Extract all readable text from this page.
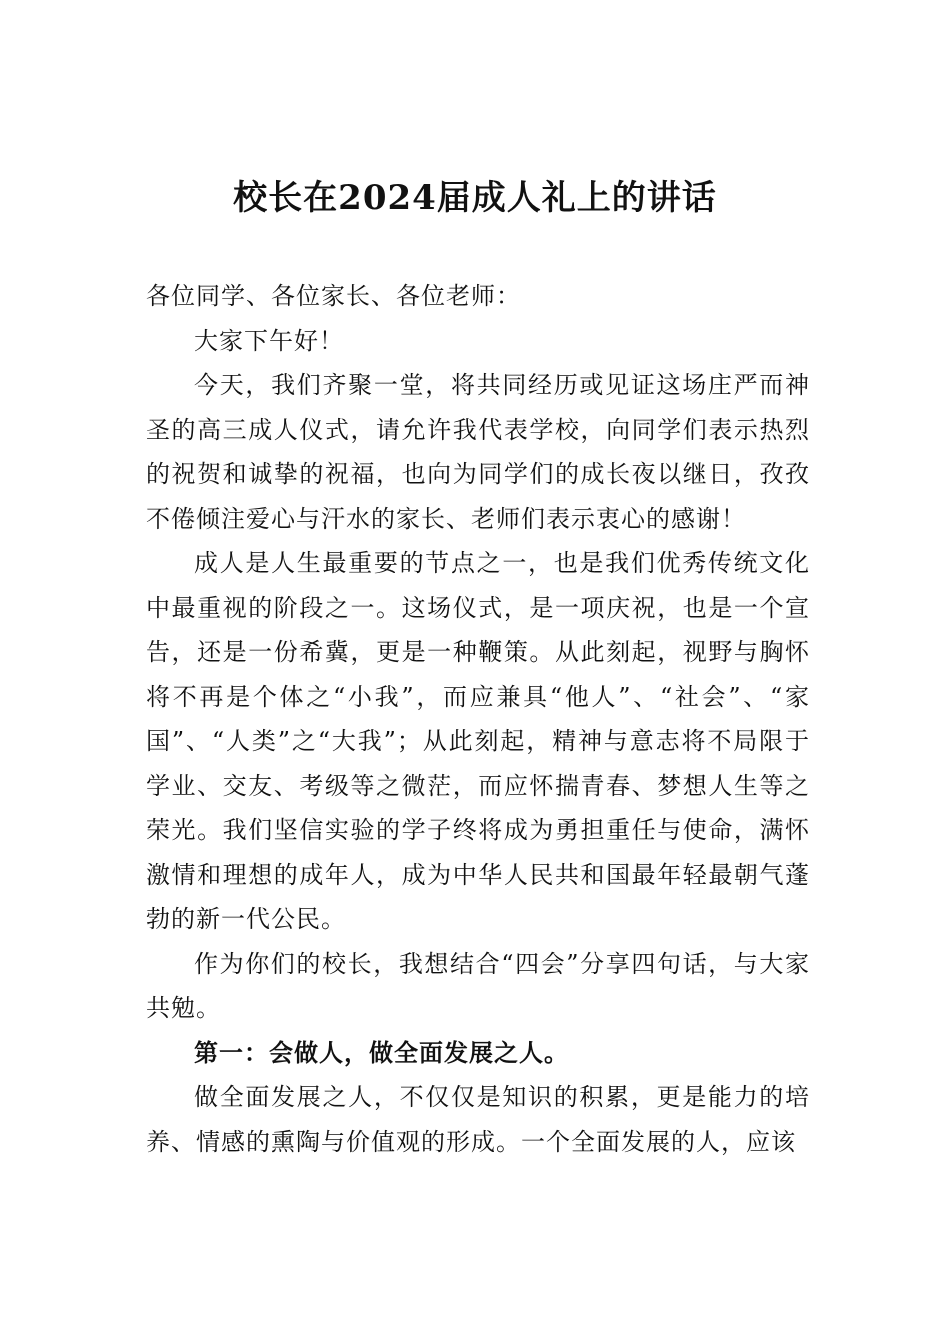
校长在2024届成人礼上的讲话

各位同学、各位家长、各位老师：

大家下午好！

今天，我们齐聚一堂，将共同经历或见证这场庄严而神圣的高三成人仪式，请允许我代表学校，向同学们表示热烈的祝贺和诚挚的祝福，也向为同学们的成长夜以继日，孜孜不倦倾注爱心与汗水的家长、老师们表示衷心的感谢！

成人是人生最重要的节点之一，也是我们优秀传统文化中最重视的阶段之一。这场仪式，是一项庆祝，也是一个宣告，还是一份希冀，更是一种鞭策。从此刻起，视野与胸怀将不再是个体之“小我”，而应兼具“他人”、“社会”、“家国”、“人类”之“大我”；从此刻起，精神与意志将不局限于学业、交友、考级等之微茫，而应怀揣青春、梦想人生等之荣光。我们坚信实验的学子终将成为勇担重任与使命，满怀激情和理想的成年人，成为中华人民共和国最年轻最朝气蓬勃的新一代公民。

作为你们的校长，我想结合“四会”分享四句话，与大家共勉。

第一：会做人，做全面发展之人。

做全面发展之人，不仅仅是知识的积累，更是能力的培养、情感的熏陶与价值观的形成。一个全面发展的人，应该
